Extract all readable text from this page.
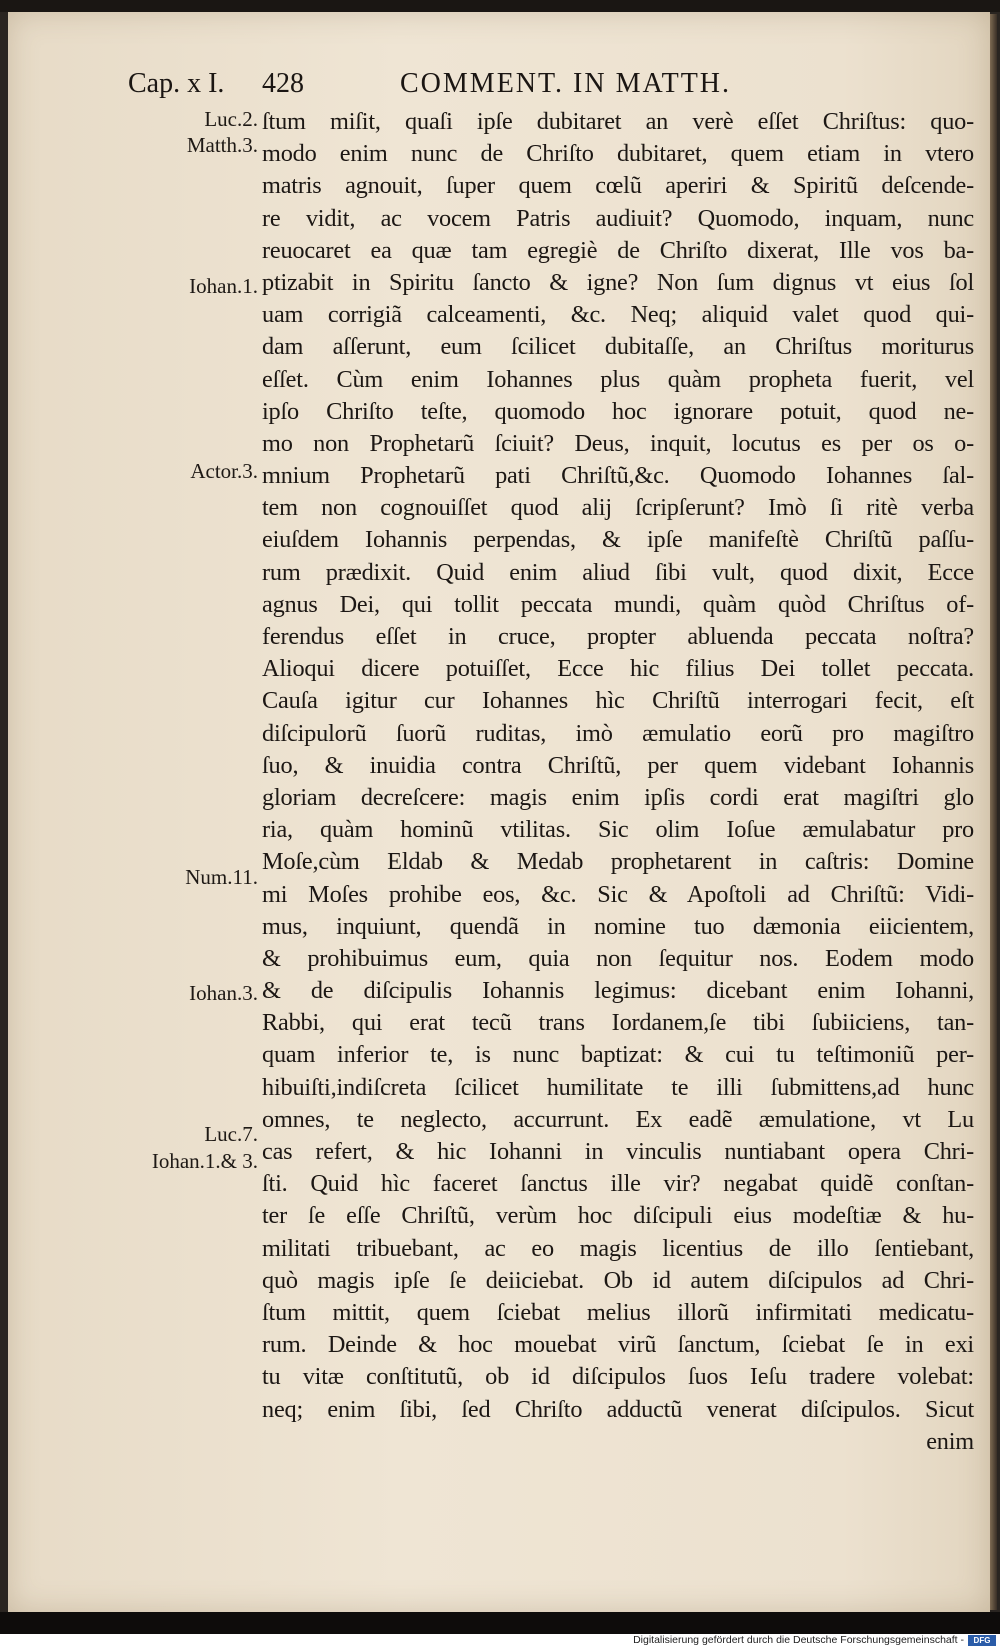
Cap. x I. 428	COMMENT. IN MATTH.
Luc.2.
Matth.3.
Iohan.1.
Actor.3.
Num.11.
Iohan.3.
Luc.7.
Iohan.1.& 3.
ſtum miſit, quaſi ipſe dubitaret an verè eſſet Chriſtus: quo-
modo enim nunc de Chriſto dubitaret, quem etiam in vtero
matris agnouit, ſuper quem cœlũ aperiri & Spiritũ deſcende-
re vidit, ac vocem Patris audiuit? Quomodo, inquam, nunc
reuocaret ea quæ tam egregiè de Chriſto dixerat, Ille vos ba-
ptizabit in Spiritu ſancto & igne? Non ſum dignus vt eius ſol
uam corrigiã calceamenti, &c. Neq; aliquid valet quod qui-
dam aſſerunt, eum ſcilicet dubitaſſe, an Chriſtus moriturus
eſſet. Cùm enim Iohannes plus quàm propheta fuerit, vel
ipſo Chriſto teſte, quomodo hoc ignorare potuit, quod ne-
mo non Prophetarũ ſciuit? Deus, inquit, locutus es per os o-
mnium Prophetarũ pati Chriſtũ,&c. Quomodo Iohannes ſal-
tem non cognouiſſet quod alij ſcripſerunt? Imò ſi ritè verba
eiuſdem Iohannis perpendas, & ipſe manifeſtè Chriſtũ paſſu-
rum prædixit. Quid enim aliud ſibi vult, quod dixit, Ecce
agnus Dei, qui tollit peccata mundi, quàm quòd Chriſtus of-
ferendus eſſet in cruce, propter abluenda peccata noſtra?
Alioqui dicere potuiſſet, Ecce hic filius Dei tollet peccata.
Cauſa igitur cur Iohannes hìc Chriſtũ interrogari fecit, eſt
diſcipulorũ ſuorũ ruditas, imò æmulatio eorũ pro magiſtro
ſuo, & inuidia contra Chriſtũ, per quem videbant Iohannis
gloriam decreſcere: magis enim ipſis cordi erat magiſtri glo
ria, quàm hominũ vtilitas. Sic olim Ioſue æmulabatur pro
Moſe,cùm Eldab & Medab prophetarent in caſtris: Domine
mi Moſes prohibe eos, &c. Sic & Apoſtoli ad Chriſtũ: Vidi-
mus, inquiunt, quendã in nomine tuo dæmonia eiicientem,
& prohibuimus eum, quia non ſequitur nos. Eodem modo
& de diſcipulis Iohannis legimus: dicebant enim Iohanni,
Rabbi, qui erat tecũ trans Iordanem,ſe tibi ſubiiciens, tan-
quam inferior te, is nunc baptizat: & cui tu teſtimoniũ per-
hibuiſti,indiſcreta ſcilicet humilitate te illi ſubmittens,ad hunc
omnes, te neglecto, accurrunt. Ex eadẽ æmulatione, vt Lu
cas refert, & hic Iohanni in vinculis nuntiabant opera Chri-
ſti. Quid hìc faceret ſanctus ille vir? negabat quidẽ conſtan-
ter ſe eſſe Chriſtũ, verùm hoc diſcipuli eius modeſtiæ & hu-
militati tribuebant, ac eo magis licentius de illo ſentiebant,
quò magis ipſe ſe deiiciebat. Ob id autem diſcipulos ad Chri-
ſtum mittit, quem ſciebat melius illorũ infirmitati medicatu-
rum. Deinde & hoc mouebat virũ ſanctum, ſciebat ſe in exi
tu vitæ conſtitutũ, ob id diſcipulos ſuos Ieſu tradere volebat:
neq; enim ſibi, ſed Chriſto adductũ venerat diſcipulos. Sicut
enim
Digitalisierung gefördert durch die Deutsche Forschungsgemeinschaft -	DFG
